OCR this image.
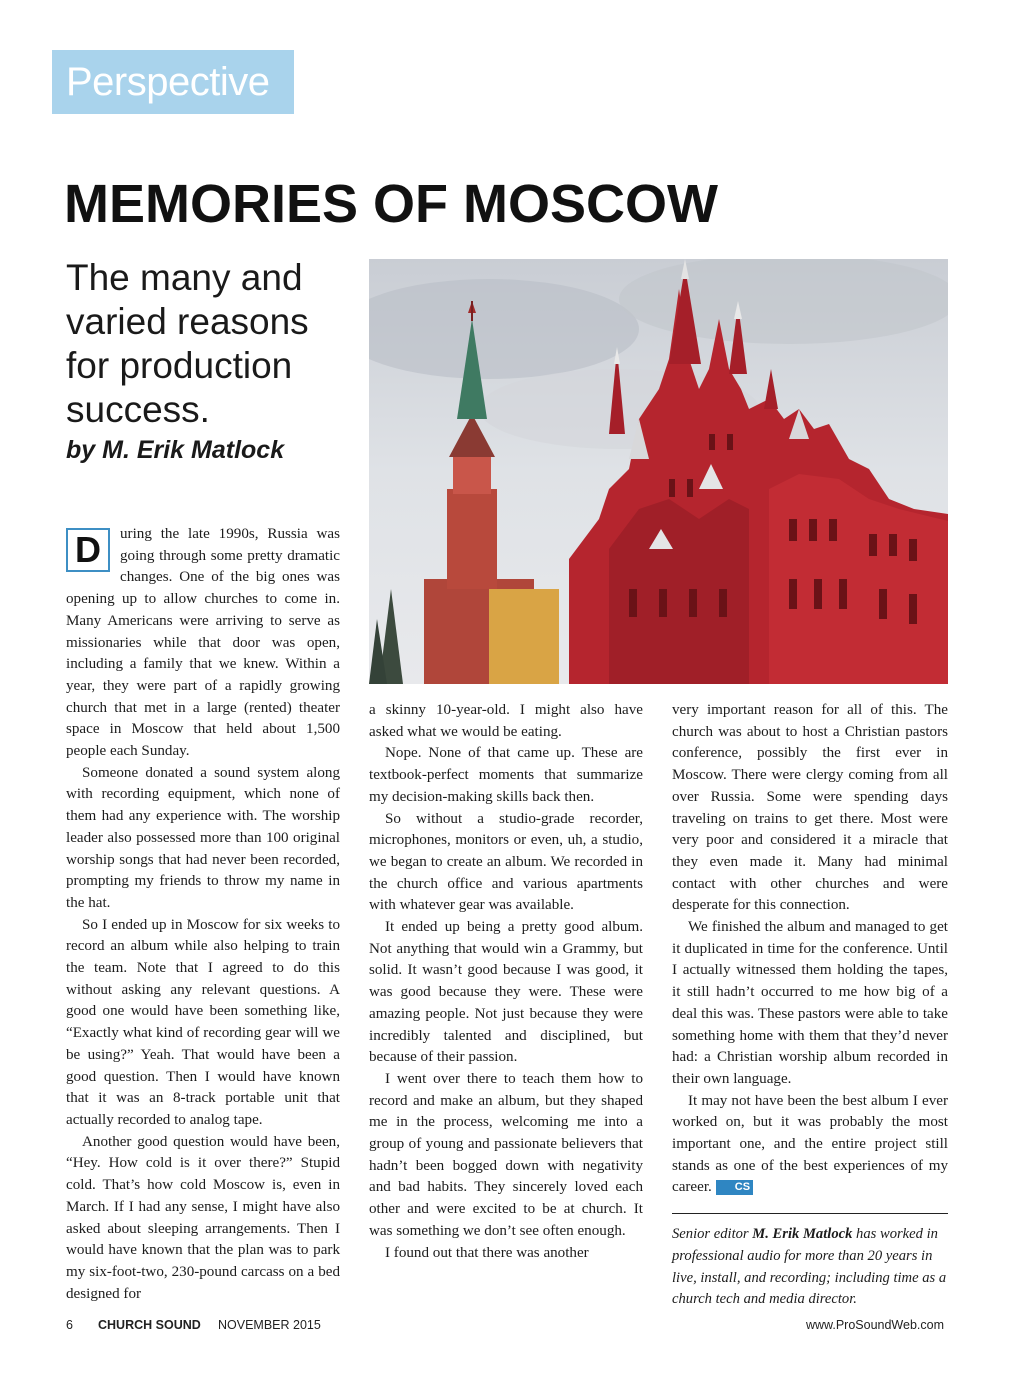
Perspective
MEMORIES OF MOSCOW

The many and varied reasons for production success.

by M. Erik Matlock

D	uring the late 1990s, Russia was going through some pretty dramatic changes. One of the big ones was opening up to allow churches to come in. Many Americans were arriving to serve as missionaries while that door was open, including a family that we knew. Within a year, they were part of a rapidly growing church that met in a large (rented) theater space in Moscow that held about 1,500 people each Sunday.

Someone donated a sound system along with recording equipment, which none of them had any experience with. The worship leader also possessed more than 100 original worship songs that had never been recorded, prompting my friends to throw my name in the hat.

So I ended up in Moscow for six weeks to record an album while also helping to train the team. Note that I agreed to do this without asking any relevant questions. A good one would have been something like, “Exactly what kind of recording gear will we be using?” Yeah. That would have been a good question. Then I would have known that it was an 8-track portable unit that actually recorded to analog tape.

Another good question would have been, “Hey. How cold is it over there?” Stupid cold. That’s how cold Moscow is, even in March. If I had any sense, I might have also asked about sleeping arrangements. Then I would have known that the plan was to park my six-foot-two, 230-pound carcass on a bed designed for

a skinny 10-year-old. I might also have asked what we would be eating.

Nope. None of that came up. These are textbook-perfect moments that summarize my decision-making skills back then.

So without a studio-grade recorder, microphones, monitors or even, uh, a studio, we began to create an album. We recorded in the church office and various apartments with whatever gear was available.

It ended up being a pretty good album. Not anything that would win a Grammy, but solid. It wasn’t good because I was good, it was good because they were. These were amazing people. Not just because they were incredibly talented and disciplined, but because of their passion.

I went over there to teach them how to record and make an album, but they shaped me in the process, welcoming me into a group of young and passionate believers that hadn’t been bogged down with negativity and bad habits. They sincerely loved each other and were excited to be at church. It was something we don’t see often enough.

I found out that there was another

very important reason for all of this. The church was about to host a Christian pastors conference, possibly the first ever in Moscow. There were clergy coming from all over Russia. Some were spending days traveling on trains to get there. Most were very poor and considered it a miracle that they even made it. Many had minimal contact with other churches and were desperate for this connection.

We finished the album and managed to get it duplicated in time for the conference. Until I actually witnessed them holding the tapes, it still hadn’t occurred to me how big of a deal this was. These pastors were able to take something home with them that they’d never had: a Christian worship album recorded in their own language.

It may not have been the best album I ever worked on, but it was probably the most important one, and the entire project still stands as one of the best experiences of my career. CS

Senior editor M. Erik Matlock has worked in professional audio for more than 20 years in live, install, and recording; including time as a church tech and media director.
6 CHURCH SOUND NOVEMBER 2015	www.ProSoundWeb.com
